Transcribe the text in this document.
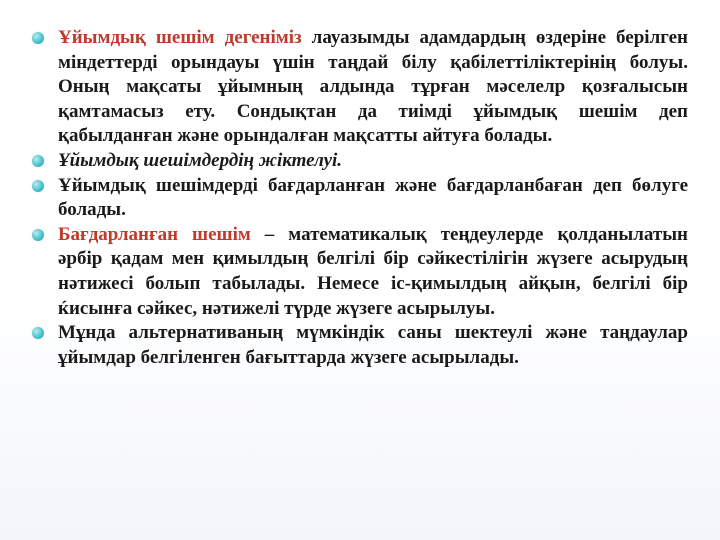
Ұйымдық шешім дегеніміз лауазымды адамдардың өздеріне берілген міндеттерді орындауы үшін таңдай білу қабілеттіліктерінің болуы. Оның мақсаты ұйымның алдында тұрған мәселелр қозғалысын қамтамасыз ету. Сондықтан да тиімді ұйымдық шешім деп қабылданған және орындалған мақсатты айтуға болады.
Ұйымдық шешімдердің жіктелуі.
Ұйымдық шешімдерді бағдарланған және бағдарланбаған деп бөлуге болады.
Бағдарланған шешім – математикалық теңдеулерде қолданылатын әрбір қадам мен қимылдың белгілі бір сәйкестілігін жүзеге асырудың нәтижесі болып табылады. Немесе іс-қимылдың айқын, белгілі бір ќисынға сәйкес, нәтижелі түрде жүзеге асырылуы.
Мұнда альтернативаның мүмкіндік саны шектеулі және таңдаулар ұйымдар белгіленген бағыттарда жүзеге асырылады.
